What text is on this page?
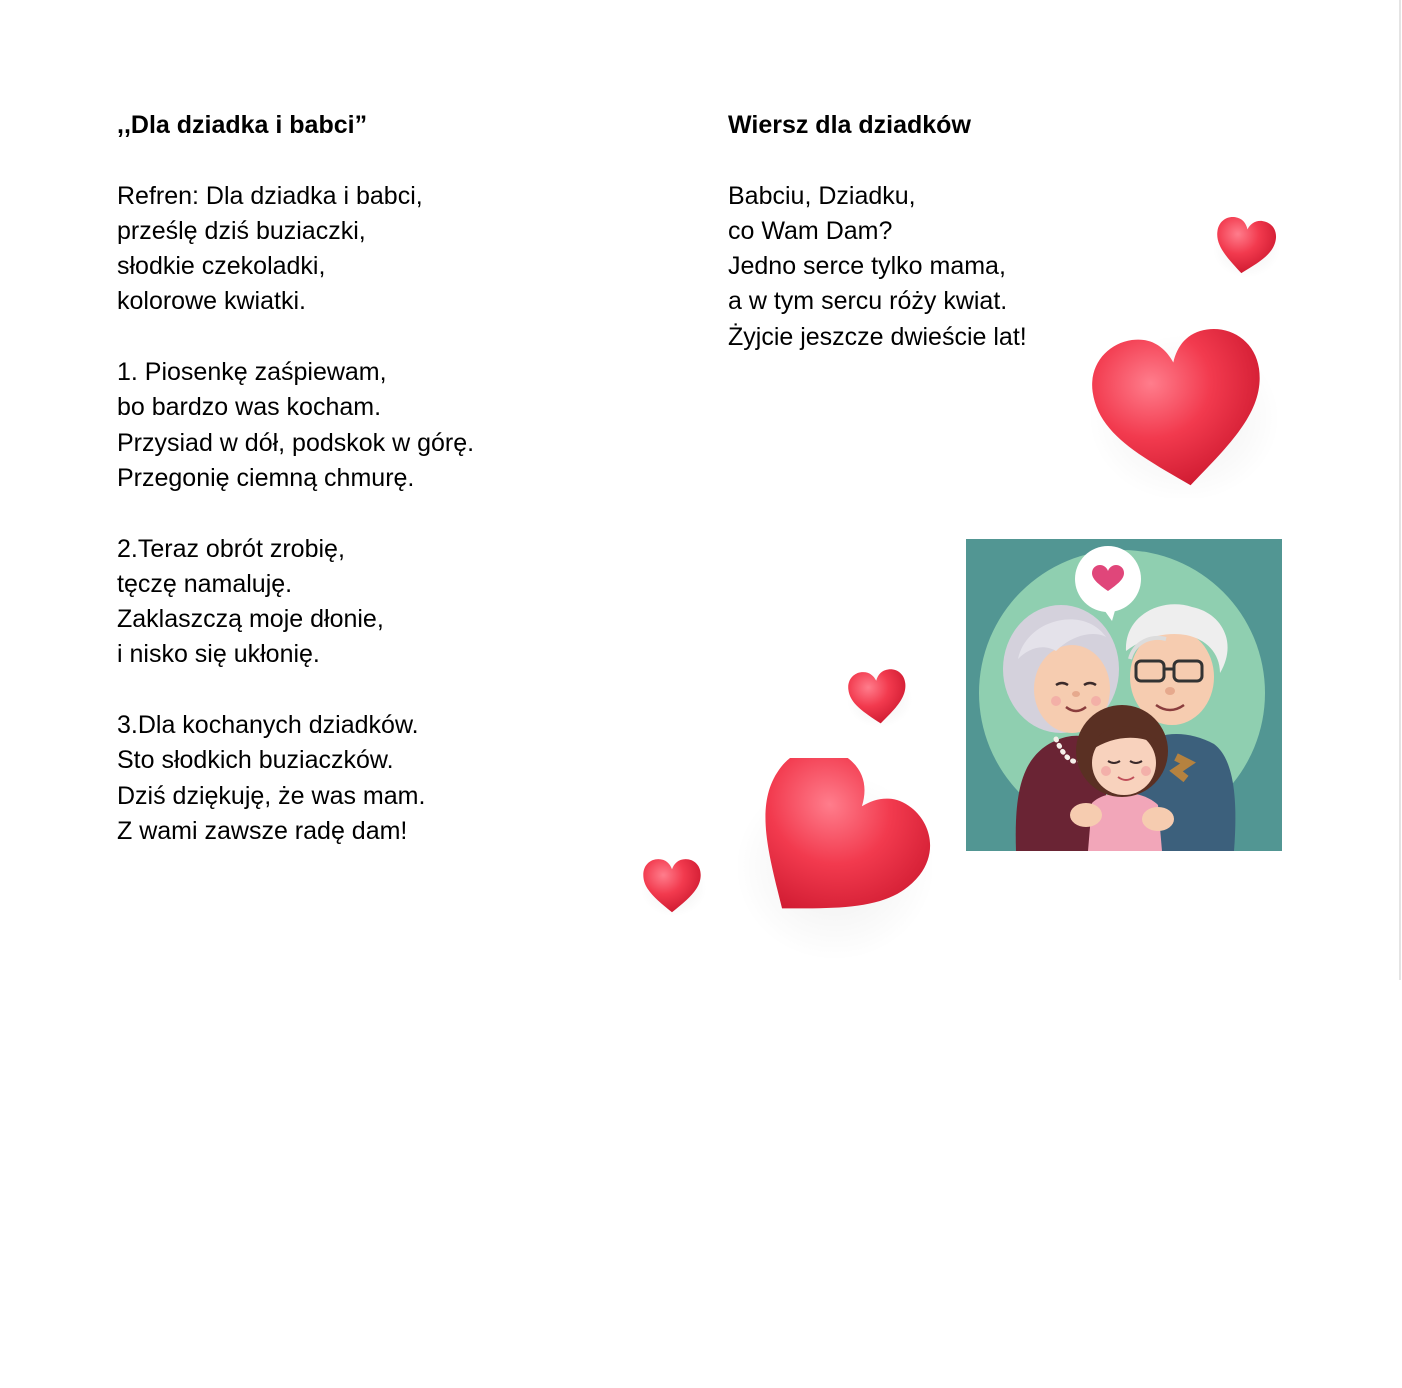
,,Dla dziadka i babci”

Refren: Dla dziadka i babci,
prześlę dziś buziaczki,
słodkie czekoladki,
kolorowe kwiatki.
1. Piosenkę zaśpiewam,
bo bardzo was kocham.
Przysiad w dół, podskok w górę.
Przegonię ciemną chmurę.
2.Teraz obrót zrobię,
tęczę namaluję.
Zaklaszczą moje dłonie,
i nisko się ukłonię.
3.Dla kochanych dziadków.
Sto słodkich buziaczków.
Dziś dziękuję, że was mam.
Z wami zawsze radę dam!

Wiersz dla dziadków

Babciu, Dziadku,
co Wam Dam?
Jedno serce tylko mama,
a w tym sercu róży kwiat.
Żyjcie jeszcze dwieście lat!
